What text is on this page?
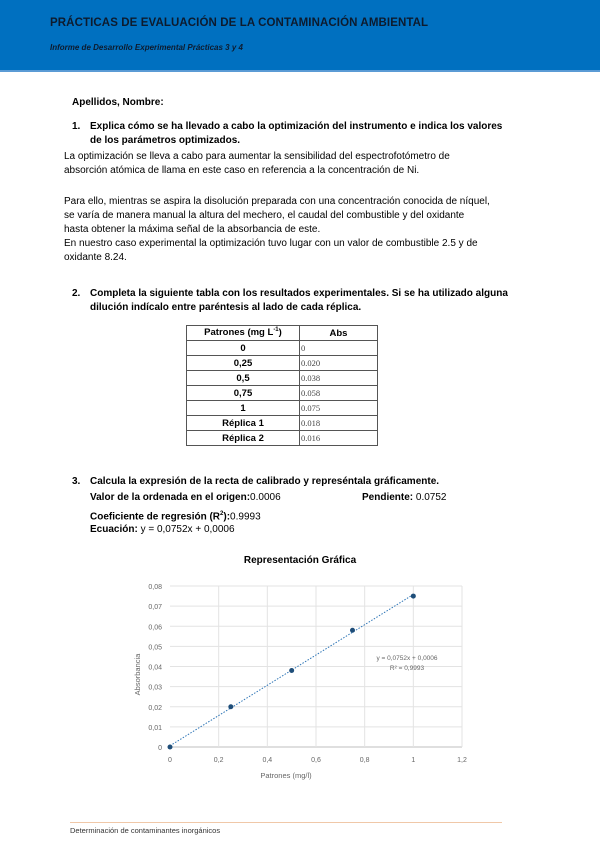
PRÁCTICAS DE EVALUACIÓN DE LA CONTAMINACIÓN AMBIENTAL
Informe de Desarrollo Experimental Prácticas 3 y 4
Apellidos, Nombre:
1. Explica cómo se ha llevado a cabo la optimización del instrumento e indica los valores
de los parámetros optimizados.
La optimización se lleva a cabo para aumentar la sensibilidad del espectrofotómetro de
absorción atómica de llama en este caso en referencia a la concentración de Ni.
Para ello, mientras se aspira la disolución preparada con una concentración conocida de níquel,
se varía de manera manual la altura del mechero, el caudal del combustible y del oxidante
hasta obtener la máxima señal de la absorbancia de este.
En nuestro caso experimental la optimización tuvo lugar con un valor de combustible 2.5 y de
oxidante 8.24.
2. Completa la siguiente tabla con los resultados experimentales. Si se ha utilizado alguna
dilución indícalo entre paréntesis al lado de cada réplica.
Patrones (mg $L^{-1}$)	Abs
0	0
0,25	0.020
0,5	0.038
0,75	0.058
1	0.075
Réplica 1	0.018
Réplica 2	0.016
3. Calcula la expresión de la recta de calibrado y represéntala gráficamente.
Valor de la ordenada en el origen:0.0006	Pendiente: 0.0752
Coeficiente de regresión $(R^2):0.9993$
Ecuación: y = 0,0752x + 0,0006
Representación Gráfica
0
0,01
0,02
0,03
0,04
0,05
0,06
0,07
0,08
0	0,2	0,4	0,6	0,8	1	1,2
y = 0,0752x + 0,0006
R² = 0,9993
Patrones (mg/l)
Absorbancia
Determinación de contaminantes inorgánicos
